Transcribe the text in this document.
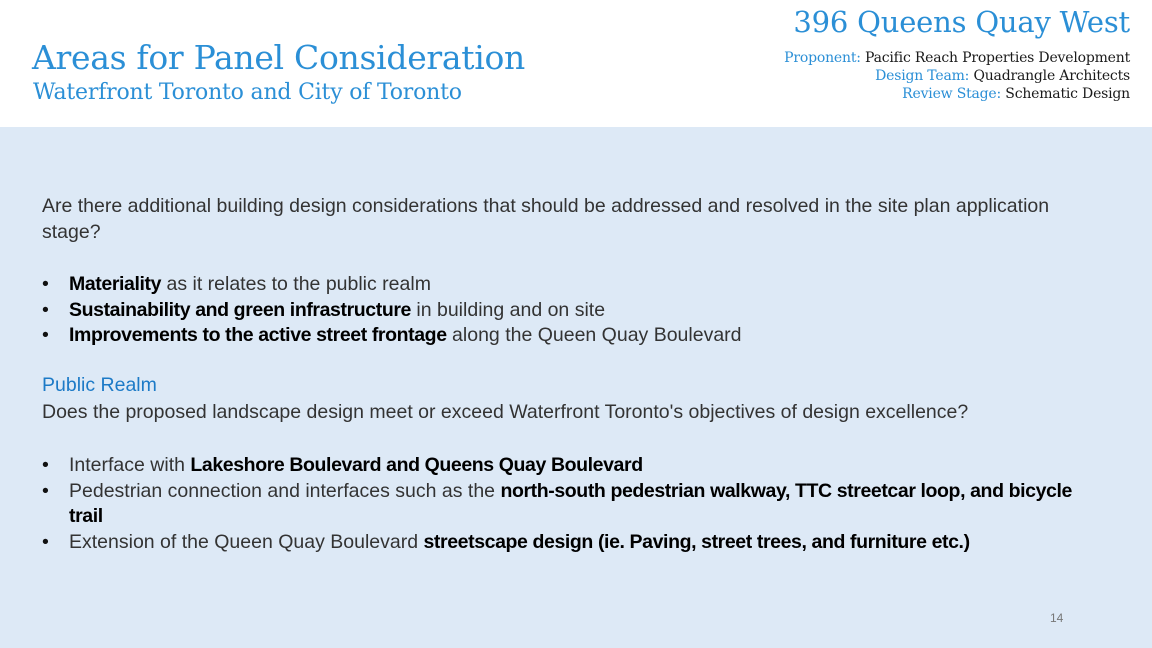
Areas for Panel Consideration
Waterfront Toronto and City of Toronto
396 Queens Quay West
Proponent: Pacific Reach Properties Development
Design Team: Quadrangle Architects
Review Stage: Schematic Design

Are there additional building design considerations that should be addressed and resolved in the site plan application stage?

• Materiality as it relates to the public realm
• Sustainability and green infrastructure in building and on site
• Improvements to the active street frontage along the Queen Quay Boulevard
Public Realm

Does the proposed landscape design meet or exceed Waterfront Toronto's objectives of design excellence?

• Interface with Lakeshore Boulevard and Queens Quay Boulevard
• Pedestrian connection and interfaces such as the north-south pedestrian walkway, TTC streetcar loop, and bicycle trail
• Extension of the Queen Quay Boulevard streetscape design (ie. Paving, street trees, and furniture etc.)
14
